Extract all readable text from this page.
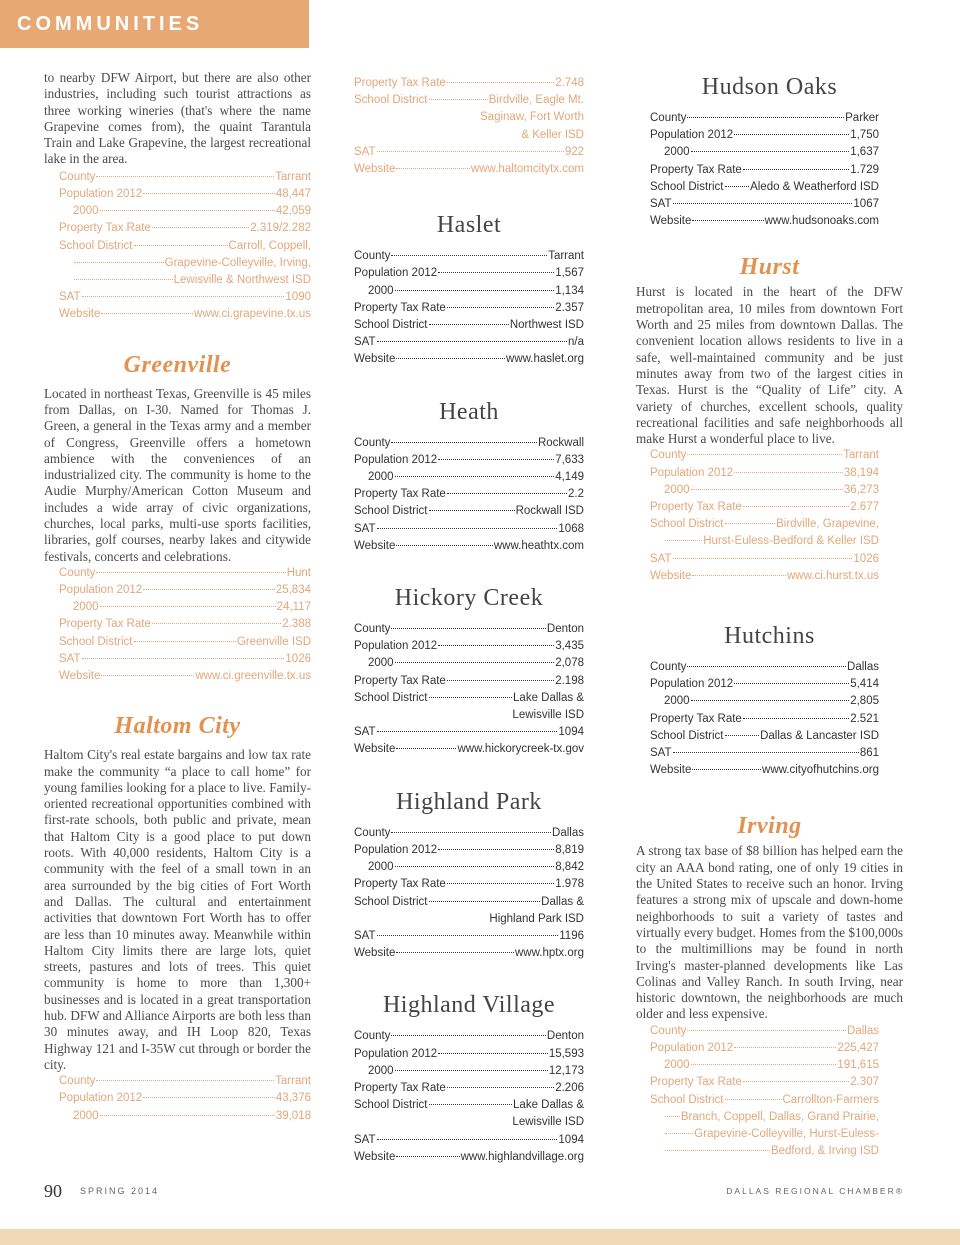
COMMUNITIES

to nearby DFW Airport, but there are also other industries, including such tourist attractions as three working wineries (that's where the name Grapevine comes from), the quaint Tarantula Train and Lake Grapevine, the largest recreational lake in the area.

County	Tarrant
Population 2012	48,447
2000	42,059
Property Tax Rate	2.319/2.282
School District	Carroll, Coppell,
Grapevine-Colleyville, Irving,
Lewisville & Northwest ISD
SAT	1090
Website	www.ci.grapevine.tx.us
Greenville

Located in northeast Texas, Greenville is 45 miles from Dallas, on I-30. Named for Thomas J. Green, a general in the Texas army and a member of Congress, Greenville offers a hometown ambience with the conveniences of an industrialized city. The community is home to the Audie Murphy/American Cotton Museum and includes a wide array of civic organizations, churches, local parks, multi-use sports facilities, libraries, golf courses, nearby lakes and citywide festivals, concerts and celebrations.

County	Hunt
Population 2012	25,834
2000	24,117
Property Tax Rate	2.388
School District	Greenville ISD
SAT	1026
Website	www.ci.greenville.tx.us
Haltom City

Haltom City's real estate bargains and low tax rate make the community “a place to call home” for young families looking for a place to live. Family-oriented recreational opportunities combined with first-rate schools, both public and private, mean that Haltom City is a good place to put down roots. With 40,000 residents, Haltom City is a community with the feel of a small town in an area surrounded by the big cities of Fort Worth and Dallas. The cultural and entertainment activities that downtown Fort Worth has to offer are less than 10 minutes away. Meanwhile within Haltom City limits there are large lots, quiet streets, pastures and lots of trees. This quiet community is home to more than 1,300+ businesses and is located in a great transportation hub. DFW and Alliance Airports are both less than 30 minutes away, and IH Loop 820, Texas Highway 121 and I-35W cut through or border the city.

County	Tarrant
Population 2012	43,376
2000	39,018
Property Tax Rate	2.748
School District	Birdville, Eagle Mt.
Saginaw, Fort Worth
& Keller ISD
SAT	922
Website	www.haltomcitytx.com
Haslet
County	Tarrant
Population 2012	1,567
2000	1,134
Property Tax Rate	2.357
School District	Northwest ISD
SAT	n/a
Website	www.haslet.org
Heath
County	Rockwall
Population 2012	7,633
2000	4,149
Property Tax Rate	2.2
School District	Rockwall ISD
SAT	1068
Website	www.heathtx.com
Hickory Creek
County	Denton
Population 2012	3,435
2000	2,078
Property Tax Rate	2.198
School District	Lake Dallas &
Lewisville ISD
SAT	1094
Website	www.hickorycreek-tx.gov
Highland Park
County	Dallas
Population 2012	8,819
2000	8,842
Property Tax Rate	1.978
School District	Dallas &
Highland Park ISD
SAT	1196
Website	www.hptx.org
Highland Village
County	Denton
Population 2012	15,593
2000	12,173
Property Tax Rate	2.206
School District	Lake Dallas &
Lewisville ISD
SAT	1094
Website	www.highlandvillage.org
Hudson Oaks
County	Parker
Population 2012	1,750
2000	1,637
Property Tax Rate	1.729
School District Aledo & Weatherford ISD
SAT	1067
Website	www.hudsonoaks.com
Hurst

Hurst is located in the heart of the DFW metropolitan area, 10 miles from downtown Fort Worth and 25 miles from downtown Dallas. The convenient location allows residents to live in a safe, well-maintained community and be just minutes away from two of the largest cities in Texas. Hurst is the “Quality of Life” city. A variety of churches, excellent schools, quality recreational facilities and safe neighborhoods all make Hurst a wonderful place to live.

County	Tarrant
Population 2012	38,194
2000	36,273
Property Tax Rate	2.677
School District	Birdville, Grapevine,
Hurst-Euless-Bedford & Keller ISD
SAT	1026
Website	www.ci.hurst.tx.us
Hutchins
County	Dallas
Population 2012	5,414
2000	2,805
Property Tax Rate	2.521
School District	Dallas & Lancaster ISD
SAT	861
Website	www.cityofhutchins.org
Irving

A strong tax base of $8 billion has helped earn the city an AAA bond rating, one of only 19 cities in the United States to receive such an honor. Irving features a strong mix of upscale and down-home neighborhoods to suit a variety of tastes and virtually every budget. Homes from the $100,000s to the multimillions may be found in north Irving's master-planned developments like Las Colinas and Valley Ranch. In south Irving, near historic downtown, the neighborhoods are much older and less expensive.

County	Dallas
Population 2012	225,427
2000	191,615
Property Tax Rate	2.307
School District	Carrollton-Farmers
Branch, Coppell, Dallas, Grand Prairie,
Grapevine-Colleyville, Hurst-Euless-
Bedford, & Irving ISD
90 SPRING 2014	DALLAS REGIONAL CHAMBER®
